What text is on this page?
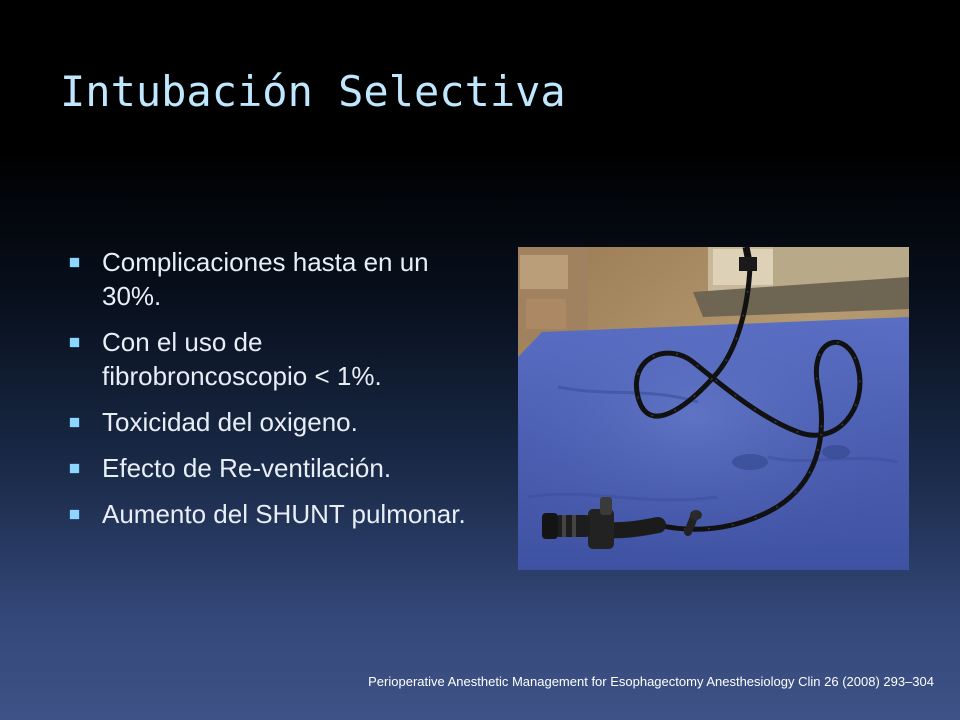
Intubación Selectiva
Complicaciones hasta en un 30%.
Con el uso de fibrobroncoscopio < 1%.
Toxicidad del oxigeno.
Efecto de Re-ventilación.
Aumento del SHUNT pulmonar.

Perioperative Anesthetic Management for Esophagectomy Anesthesiology Clin 26 (2008) 293–304
